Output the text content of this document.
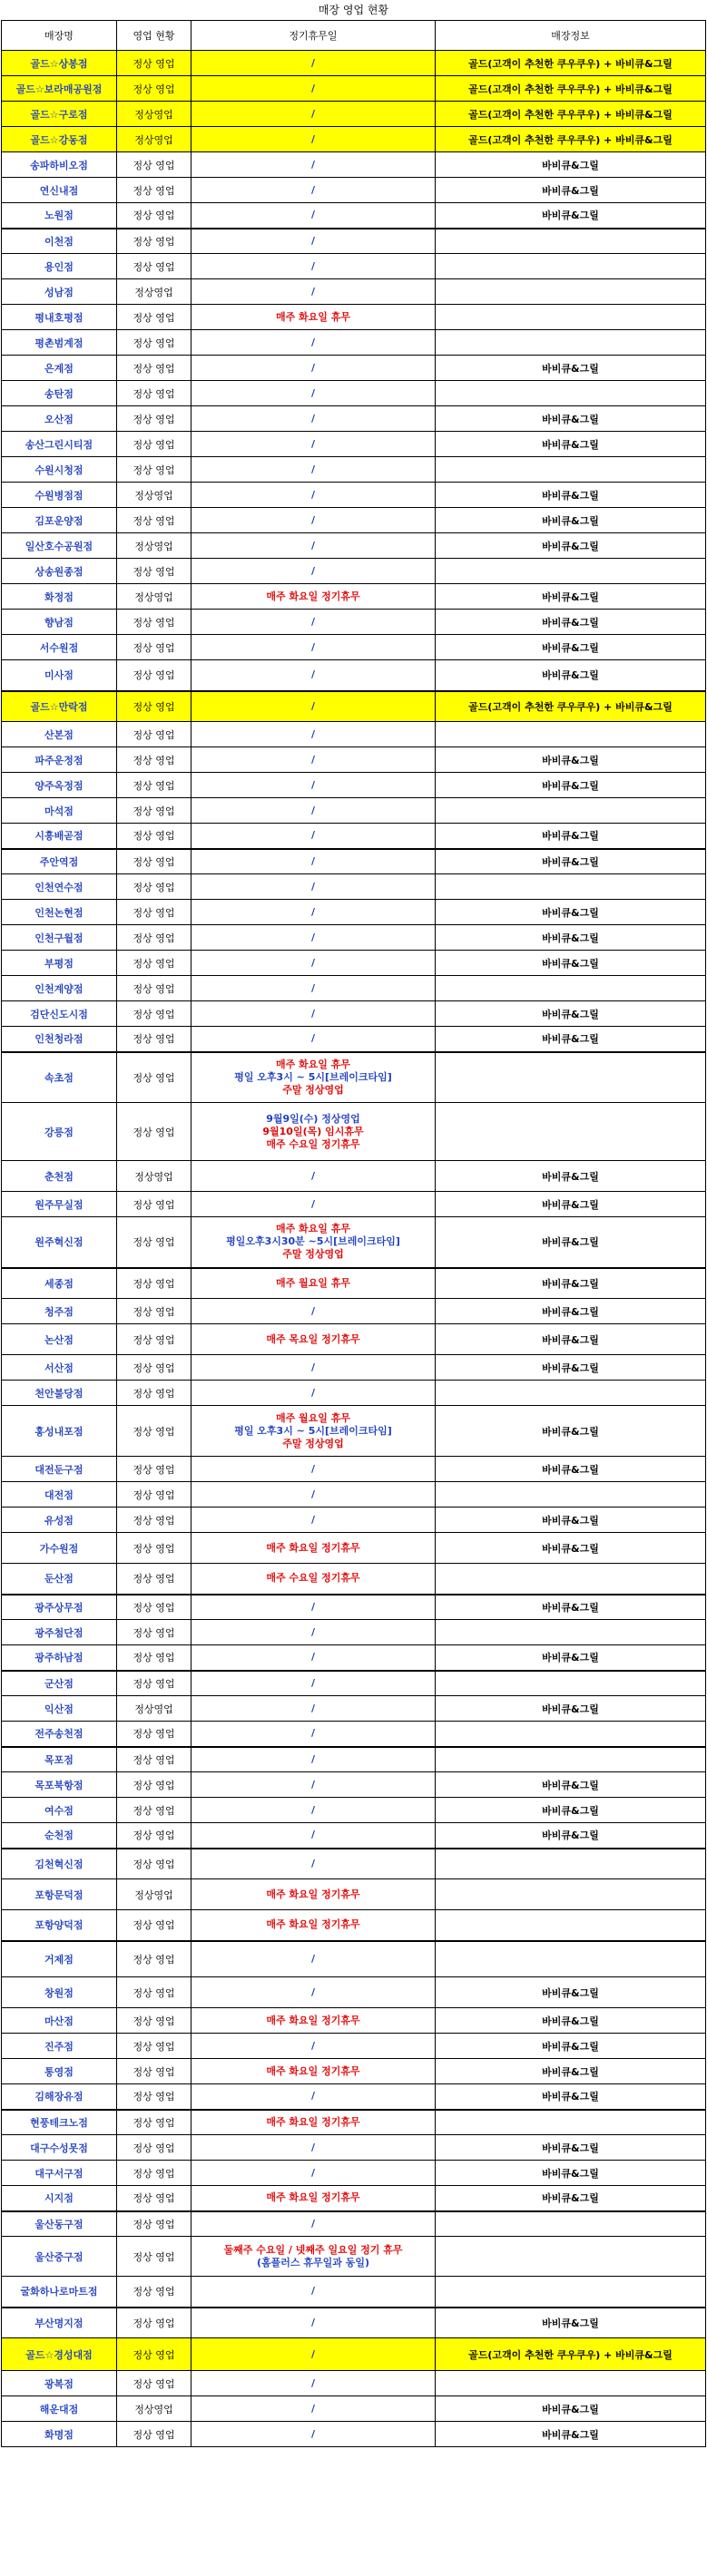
매장 영업 현황
매장명	영업 현황	정기휴무일	매장정보
골드☆상봉점	정상 영업	/	골드(고객이 추천한 쿠우쿠우) + 바비큐&그릴
골드☆보라매공원점	정상 영업	/	골드(고객이 추천한 쿠우쿠우) + 바비큐&그릴
골드☆구로점	정상영업	/	골드(고객이 추천한 쿠우쿠우) + 바비큐&그릴
골드☆강동점	정상영업	/	골드(고객이 추천한 쿠우쿠우) + 바비큐&그릴
송파하비오점	정상 영업	/	바비큐&그릴
연신내점	정상 영업	/	바비큐&그릴
노원점	정상 영업	/	바비큐&그릴
이천점	정상 영업	/	

용인점	정상 영업	/	

성남점	정상영업	/	

평내호평점	정상 영업	매주 화요일 휴무	

평촌범계점	정상 영업	/	

은계점	정상 영업	/	바비큐&그릴
송탄점	정상 영업	/	

오산점	정상 영업	/	바비큐&그릴
송산그린시티점	정상 영업	/	바비큐&그릴
수원시청점	정상 영업	/	

수원병점점	정상영업	/	바비큐&그릴
김포운양점	정상 영업	/	바비큐&그릴
일산호수공원점	정상영업	/	바비큐&그릴
상송원종점	정상 영업	/	

화정점	정상영업	매주 화요일 정기휴무	바비큐&그릴
향남점	정상 영업	/	바비큐&그릴
서수원점	정상 영업	/	바비큐&그릴
미사점	정상 영업	/	바비큐&그릴
골드☆만락점	정상 영업	/	골드(고객이 추천한 쿠우쿠우) + 바비큐&그릴
산본점	정상 영업	/	

파주운정점	정상 영업	/	바비큐&그릴
양주옥정점	정상 영업	/	바비큐&그릴
마석점	정상 영업	/	

시흥배곧점	정상 영업	/	바비큐&그릴
주안역점	정상 영업	/	바비큐&그릴
인천연수점	정상 영업	/	

인천논현점	정상 영업	/	바비큐&그릴
인천구월점	정상 영업	/	바비큐&그릴
부평점	정상 영업	/	바비큐&그릴
인천계양점	정상 영업	/	

검단신도시점	정상 영업	/	바비큐&그릴
인천청라점	정상 영업	/	바비큐&그릴
속초점	정상 영업	매주 화요일 휴무
평일 오후3시 ~ 5시[브레이크타임]
주말 정상영업	

강릉점	정상 영업	9월9일(수) 정상영업
9월10일(목) 임시휴무
매주 수요일 정기휴무	

춘천점	정상영업	/	바비큐&그릴
원주무실점	정상 영업	/	바비큐&그릴
원주혁신점	정상 영업	매주 화요일 휴무
평일오후3시30분 ~5시[브레이크타임]
주말 정상영업	바비큐&그릴
세종점	정상 영업	매주 월요일 휴무	바비큐&그릴
청주점	정상 영업	/	바비큐&그릴
논산점	정상 영업	매주 목요일 정기휴무	바비큐&그릴
서산점	정상 영업	/	바비큐&그릴
천안불당점	정상 영업	/	

홍성내포점	정상 영업	매주 월요일 휴무
평일 오후3시 ~ 5시[브레이크타임]
주말 정상영업	바비큐&그릴
대전둔구점	정상 영업	/	바비큐&그릴
대전점	정상 영업	/	

유성점	정상 영업	/	바비큐&그릴
가수원점	정상 영업	매주 화요일 정기휴무	바비큐&그릴
둔산점	정상 영업	매주 수요일 정기휴무	

광주상무점	정상 영업	/	바비큐&그릴
광주첨단점	정상 영업	/	

광주하남점	정상 영업	/	바비큐&그릴
군산점	정상 영업	/	

익산점	정상영업	/	바비큐&그릴
전주송천점	정상 영업	/	

목포점	정상 영업	/	

목포북항점	정상 영업	/	바비큐&그릴
여수점	정상 영업	/	바비큐&그릴
순천점	정상 영업	/	바비큐&그릴
김천혁신점	정상 영업	/	

포항문덕점	정상영업	매주 화요일 정기휴무	

포항양덕점	정상 영업	매주 화요일 정기휴무	

거제점	정상 영업	/	

창원점	정상 영업	/	바비큐&그릴
마산점	정상 영업	매주 화요일 정기휴무	바비큐&그릴
진주점	정상 영업	/	바비큐&그릴
통영점	정상 영업	매주 화요일 정기휴무	바비큐&그릴
김해장유점	정상 영업	/	바비큐&그릴
현풍테크노점	정상 영업	매주 화요일 정기휴무	

대구수성못점	정상 영업	/	바비큐&그릴
대구서구점	정상 영업	/	바비큐&그릴
시지점	정상 영업	매주 화요일 정기휴무	바비큐&그릴
울산동구점	정상 영업	/	

울산중구점	정상 영업	둘째주 수요일 / 넷째주 일요일 정기 휴무
(홈플러스 휴무일과 동일)	

굴화하나로마트점	정상 영업	/	

부산명지점	정상 영업	/	바비큐&그릴
골드☆경성대점	정상 영업	/	골드(고객이 추천한 쿠우쿠우) + 바비큐&그릴
광복점	정상 영업	/	

해운대점	정상영업	/	바비큐&그릴
화명점	정상 영업	/	바비큐&그릴
